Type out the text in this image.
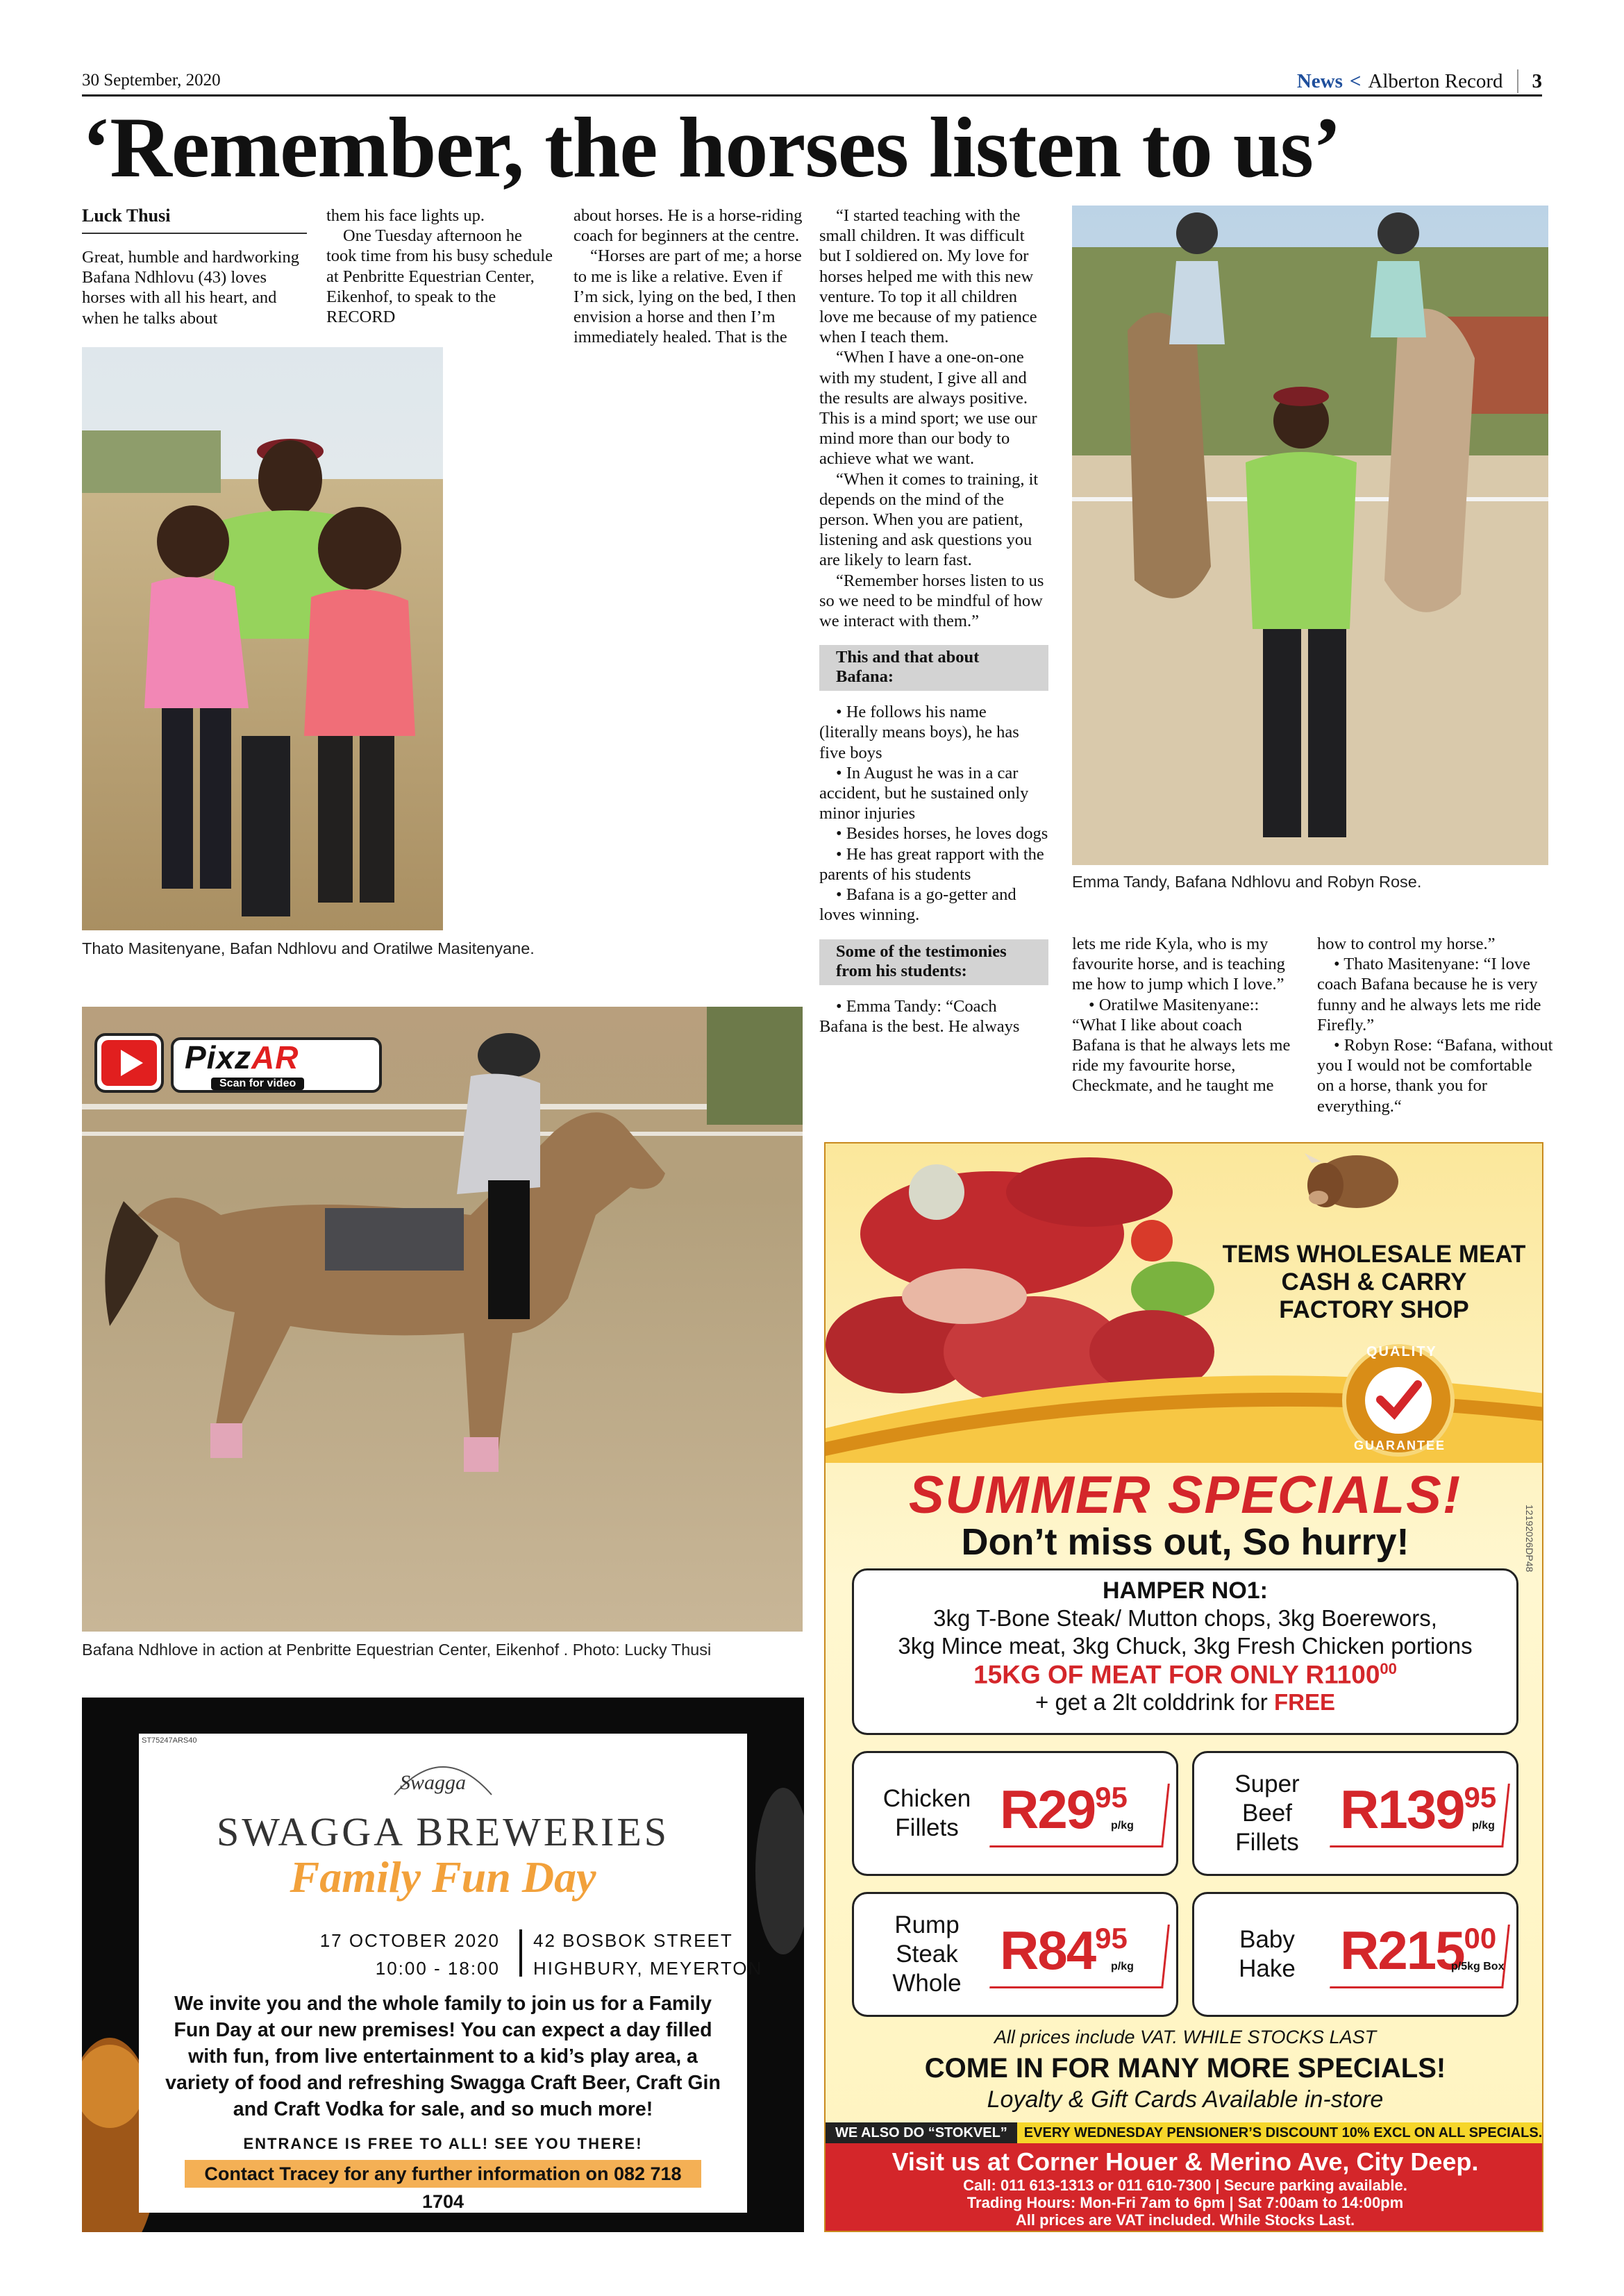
30 September, 2020	News < Alberton Record 3
‘Remember, the horses listen to us’
Luck Thusi

Great, humble and hardworking Bafana Ndhlovu (43) loves horses with all his heart, and when he talks about

them his face lights up.

One Tuesday afternoon he took time from his busy schedule at Penbritte Equestrian Center, Eikenhof, to speak to the RECORD

about horses. He is a horse-riding coach for beginners at the centre.

“Horses are part of me; a horse to me is like a relative. Even if I’m sick, lying on the bed, I then envision a horse and then I’m immediately healed. That is the

“I started teaching with the small children. It was difficult but I soldiered on. My love for horses helped me with this new venture. To top it all children love me because of my patience when I teach them.

“When I have a one-on-one with my student, I give all and the results are always positive. This is a mind sport; we use our mind more than our body to achieve what we want.

“When it comes to training, it depends on the mind of the person. When you are patient, listening and ask questions you are likely to learn fast.

“Remember horses listen to us so we need to be mindful of how we interact with them.”

This and that about Bafana:

• He follows his name (literally means boys), he has five boys

• In August he was in a car accident, but he sustained only minor injuries

• Besides horses, he loves dogs

• He has great rapport with the parents of his students

• Bafana is a go-getter and loves winning.

Some of the testimonies from his students:

• Emma Tandy: “Coach Bafana is the best. He always

lets me ride Kyla, who is my favourite horse, and is teaching me how to jump which I love.”

• Oratilwe Masitenyane:: “What I like about coach Bafana is that he always lets me ride my favourite horse, Checkmate, and he taught me

how to control my horse.”

• Thato Masitenyane: “I love coach Bafana because he is very funny and he always lets me ride Firefly.”

• Robyn Rose: “Bafana, without you I would not be comfortable on a horse, thank you for everything.“

Thato Masitenyane, Bafan Ndhlovu and Oratilwe Masitenyane.
Emma Tandy, Bafana Ndhlovu and Robyn Rose.
Bafana Ndhlove in action at Penbritte Equestrian Center, Eikenhof . Photo: Lucky Thusi
PixzAR
Scan for video
TEMS WHOLESALE MEAT
CASH & CARRY
FACTORY SHOP
QUALITY
GUARANTEE
12192026DP48
SUMMER SPECIALS!
Don’t miss out, So hurry!
HAMPER NO1:
3kg T-Bone Steak/ Mutton chops, 3kg Boerewors,
3kg Mince meat, 3kg Chuck, 3kg Fresh Chicken portions
15KG OF MEAT FOR ONLY $R1100^{00}$
+ get a 2lt colddrink for FREE
Chicken Fillets $R29^{95}$
p/kg
Super Beef Fillets
$R139^{95}$
p/kg
Rump Steak Whole
$R84^{95}$
p/kg
Baby Hake $R215^{00}$
p/5kg Box
All prices include VAT. WHILE STOCKS LAST
COME IN FOR MANY MORE SPECIALS!
Loyalty & Gift Cards Available in-store
WE ALSO DO “STOKVEL”	EVERY WEDNESDAY PENSIONER’S DISCOUNT 10% EXCL ON ALL SPECIALS.
Visit us at Corner Houer & Merino Ave, City Deep.
Call: 011 613-1313 or 011 610-7300 | Secure parking available.
Trading Hours: Mon-Fri 7am to 6pm | Sat 7:00am to 14:00pm
All prices are VAT included. While Stocks Last.
ST75247ARS40
Swagga
SWAGGA BREWERIES
Family Fun Day
17 OCTOBER 2020
10:00 - 18:00
42 BOSBOK STREET
HIGHBURY, MEYERTON
We invite you and the whole family to join us for a Family Fun Day at our new premises! You can expect a day filled with fun, from live entertainment to a kid’s play area, a variety of food and refreshing Swagga Craft Beer, Craft Gin and Craft Vodka for sale, and so much more!
ENTRANCE IS FREE TO ALL! SEE YOU THERE!
Contact Tracey for any further information on 082 718 1704
